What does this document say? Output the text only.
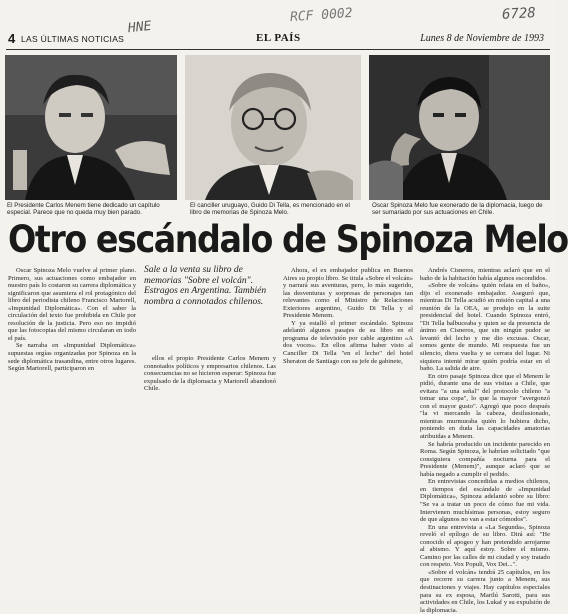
HNE
RCF 0002	6728
4 LAS ÚLTIMAS NOTICIAS	EL PAÍS	Lunes 8 de Noviembre de 1993
El Presidente Carlos Menem tiene dedicado un capítulo especial. Parece que no queda muy bien parado.
El canciller uruguayo, Guido Di Tella, es mencionado en el libro de memorias de Spinoza Melo.
Oscar Spinoza Melo fue exonerado de la diplomacia, luego de ser sumariado por sus actuaciones en Chile.
Otro escándalo de Spinoza Melo

Oscar Spinoza Melo vuelve al primer plano. Primero, sus actuaciones como embajador en nuestro país lo costaron su carrera diplomática y significaron que asumiera el rol protagónico del libro del periodista chileno Francisco Martorell, «Impunidad Diplomática». Con el saber la circulación del texto fue prohibida en Chile por resolución de la justicia. Pero eso no impidió que las fotocopias del mismo circularan en todo el país.

Se narraba en «Impunidad Diplomática» supuestas orgías organizadas por Spinoza en la sede diplomática trasandina, entre otros lugares. Según Martorell, participaron en

Sale a la venta su libro de memorias "Sobre el volcán". Estragos en Argentina. También nombra a connotados chilenos.

ellos el propio Presidente Carlos Menem y connotados políticos y empresarios chilenos. Las consecuencias no se hicieron esperar: Spinoza fue expulsado de la diplomacia y Martorell abandonó Chile.

Ahora, el ex embajador publica en Buenos Aires su propio libro. Se titula «Sobre el volcán» y narrará sus aventuras, pero, lo más sugerido, las desventuras y sorpresas de personajes tan relevantes como el Ministro de Relaciones Exteriores argentino, Guido Di Tella y el Presidente Menem.

Y ya estalló el primer escándalo. Spinoza adelantó algunos pasajes de su libro en el programa de televisión por cable argentino «A dos voces». En ellos afirma haber visto al Canciller Di Tella "en el lecho" del hotel Sheraton de Santiago con su jefe de gabinete,

Andrés Cisneros, mientras aclaró que en el baño de la habitación había algunos escondidos.

«Sobre de volcán» quién relata en el baño», dijo el exonerado embajador. Aseguró que, mientras Di Tella acudió en misión capital a una reunión de la OEA, se produjo en la suite presidencial del hotel. Cuando Spinoza entró, "Di Tella balbuceaba y quien se da presencia de ánimo en Cisneros, que sin ningún pudor se levantó del lecho y me dio excusas. Oscar, somos gente de mundo. Mi respuesta fue un silencio, diera vuelta y se cerrara del lugar. Ni siquiera intenté mirar quién podría estar en el baño. La salida de aire.

En otro pasaje Spinoza dice que el Menem le pidió, durante una de sus visitas a Chile, que evitara "a una señal" del protocolo chileno "a tomar una copa", lo que la mayor "avergonzó con el mayor gusto". Agregó que poco después "la vi mercando la cabeza, desilusionado, mientras murmuraba quién lo hubiera dicho, poniendo en duda las capacidades amatorias atribuidas a Menem.

Se habría producido un incidente parecido en Roma. Según Spinoza, le habrían solicitado "que consiguiera compañía nocturna para el Presidente (Menem)", aunque aclaró que se había negado a cumplir el pedido.

En entrevistas concedidas a medios chilenos, en tiempos del escándalo de «Impunidad Diplomática», Spinoza adelantó sobre su libro: "Se va a tratar un poco de cómo fue mi vida. Intervienen muchísimas personas, estoy seguro de que algunos no van a estar cómodos".

En una entrevista a «La Segunda», Spinoza reveló el epílogo de su libro. Dirá así: "He conocido el apogeo y han pretendido arrojarme al abismo. Y aquí estoy. Sobre el mismo. Camino por las calles de mi ciudad y soy tratado con respeto. Vox Populi, Vox Dei...".

«Sobre el volcán» tendrá 25 capítulos, en los que recorre su carrera junto a Menem, sus destinaciones y viajes. Hay capítulos especiales para su ex esposa, Marilú Sarotti, para sus actividades en Chile, los Lukaf y su expulsión de la diplomacia.
